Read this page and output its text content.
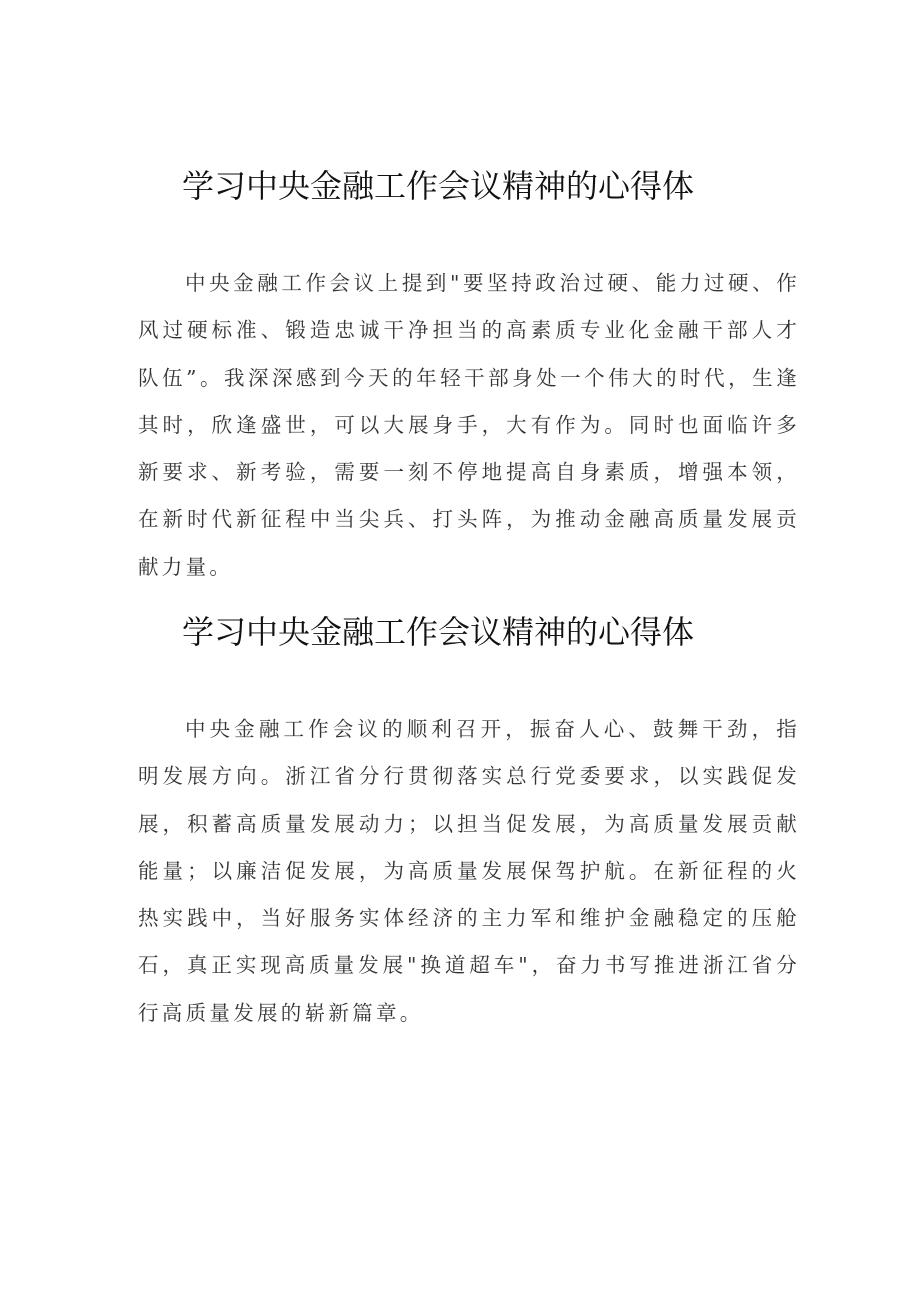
学习中央金融工作会议精神的心得体

中央金融工作会议上提到"要坚持政治过硬、能力过硬、作风过硬标准、锻造忠诚干净担当的高素质专业化金融干部人才队伍”。我深深感到今天的年轻干部身处一个伟大的时代，生逢其时，欣逢盛世，可以大展身手，大有作为。同时也面临许多新要求、新考验，需要一刻不停地提高自身素质，增强本领，在新时代新征程中当尖兵、打头阵，为推动金融高质量发展贡献力量。

学习中央金融工作会议精神的心得体

中央金融工作会议的顺利召开，振奋人心、鼓舞干劲，指明发展方向。浙江省分行贯彻落实总行党委要求，以实践促发展，积蓄高质量发展动力；以担当促发展，为高质量发展贡献能量；以廉洁促发展，为高质量发展保驾护航。在新征程的火热实践中，当好服务实体经济的主力军和维护金融稳定的压舱石，真正实现高质量发展"换道超车"，奋力书写推进浙江省分行高质量发展的崭新篇章。
